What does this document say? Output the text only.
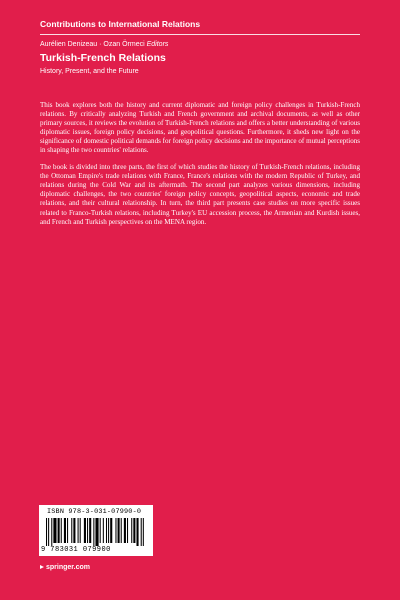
Contributions to International Relations
Aurélien Denizeau · Ozan Örmeci Editors
Turkish-French Relations
History, Present, and the Future

This book explores both the history and current diplomatic and foreign policy challenges in Turkish-French relations. By critically analyzing Turkish and French government and archival documents, as well as other primary sources, it reviews the evolution of Turkish-French relations and offers a better understanding of various diplomatic issues, foreign policy decisions, and geopolitical questions. Furthermore, it sheds new light on the significance of domestic political demands for foreign policy decisions and the importance of mutual perceptions in shaping the two countries' relations.

The book is divided into three parts, the first of which studies the history of Turkish-French relations, including the Ottoman Empire's trade relations with France, France's relations with the modern Republic of Turkey, and relations during the Cold War and its aftermath. The second part analyzes various dimensions, including diplomatic challenges, the two countries' foreign policy concepts, geopolitical aspects, economic and trade relations, and their cultural relationship. In turn, the third part presents case studies on more specific issues related to Franco-Turkish relations, including Turkey's EU accession process, the Armenian and Kurdish issues, and French and Turkish perspectives on the MENA region.

ISBN 978-3-031-07990-0
9 783031 079900
springer.com
